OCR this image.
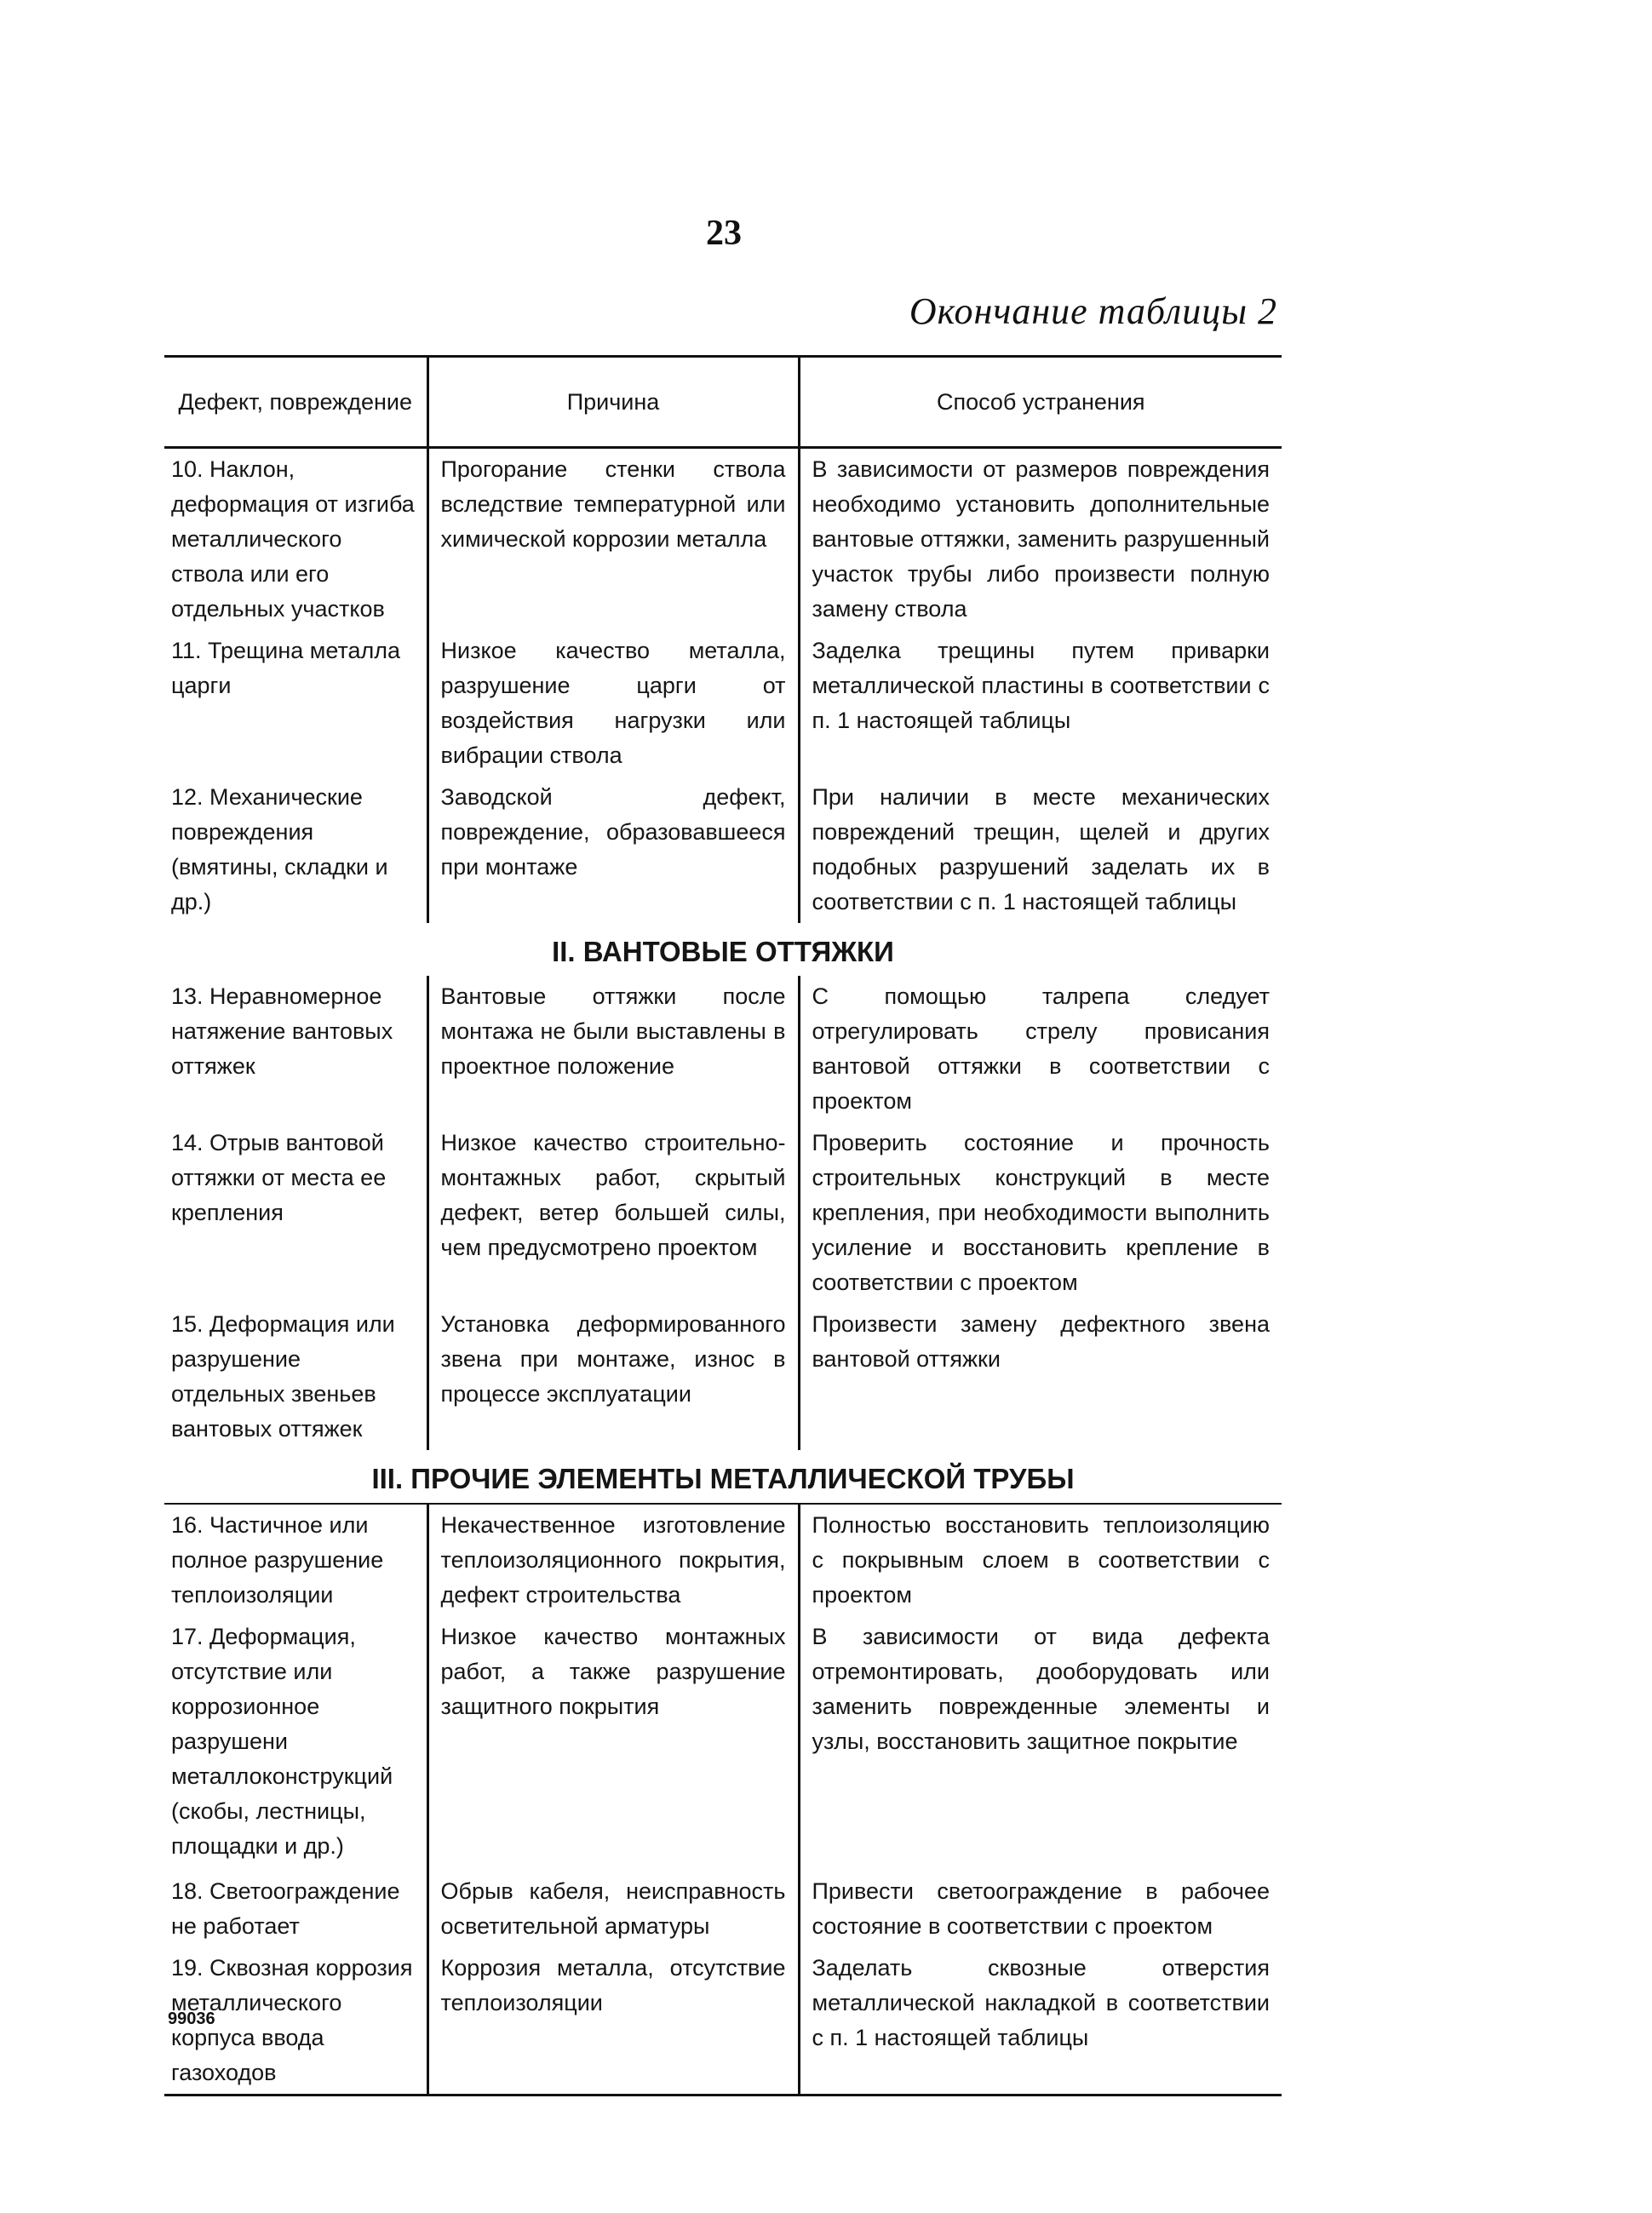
23
Окончание таблицы 2
Дефект, повреждение	Причина	Способ устранения
10. Наклон, деформация от изгиба металлического ствола или его отдельных участков	Прогорание стенки ствола вследствие температурной или химической коррозии металла	В зависимости от размеров повреждения необходимо установить дополнительные вантовые оттяжки, заменить разрушенный участок трубы либо произвести полную замену ствола
11. Трещина металла царги	Низкое качество металла, разрушение царги от воздействия нагрузки или вибрации ствола	Заделка трещины путем приварки металлической пластины в соответствии с п. 1 настоящей таблицы
12. Механические повреждения (вмятины, складки и др.)	Заводской дефект, повреждение, образовавшееся при монтаже	При наличии в месте механических повреждений трещин, щелей и других подобных разрушений заделать их в соответствии с п. 1 настоящей таблицы
II. ВАНТОВЫЕ ОТТЯЖКИ		
13. Неравномерное натяжение вантовых оттяжек	Вантовые оттяжки после монтажа не были выставлены в проектное положение	С помощью талрепа следует отрегулировать стрелу провисания вантовой оттяжки в соответствии с проектом
14. Отрыв вантовой оттяжки от места ее крепления	Низкое качество строительно-монтажных работ, скрытый дефект, ветер большей силы, чем предусмотрено проектом	Проверить состояние и прочность строительных конструкций в месте крепления, при необходимости выполнить усиление и восстановить крепление в соответствии с проектом
15. Деформация или разрушение отдельных звеньев вантовых оттяжек	Установка деформированного звена при монтаже, износ в процессе эксплуатации	Произвести замену дефектного звена вантовой оттяжки
III. ПРОЧИЕ ЭЛЕМЕНТЫ МЕТАЛЛИЧЕСКОЙ ТРУБЫ		
16. Частичное или полное разрушение теплоизоляции	Некачественное изготовление теплоизоляционного покрытия, дефект строительства	Полностью восстановить теплоизоляцию с покрывным слоем в соответствии с проектом
17. Деформация, отсутствие или коррозионное разрушени металлоконструкций (скобы, лестницы, площадки и др.)	Низкое качество монтажных работ, а также разрушение защитного покрытия	В зависимости от вида дефекта отремонтировать, дооборудовать или заменить поврежденные элементы и узлы, восстановить защитное покрытие
18. Светоограждение не работает	Обрыв кабеля, неисправность осветительной арматуры	Привести светоограждение в рабочее состояние в соответствии с проектом
19. Сквозная коррозия металлического корпуса ввода газоходов	Коррозия металла, отсутствие теплоизоляции	Заделать сквозные отверстия металлической накладкой в соответствии с п. 1 настоящей таблицы
99036
